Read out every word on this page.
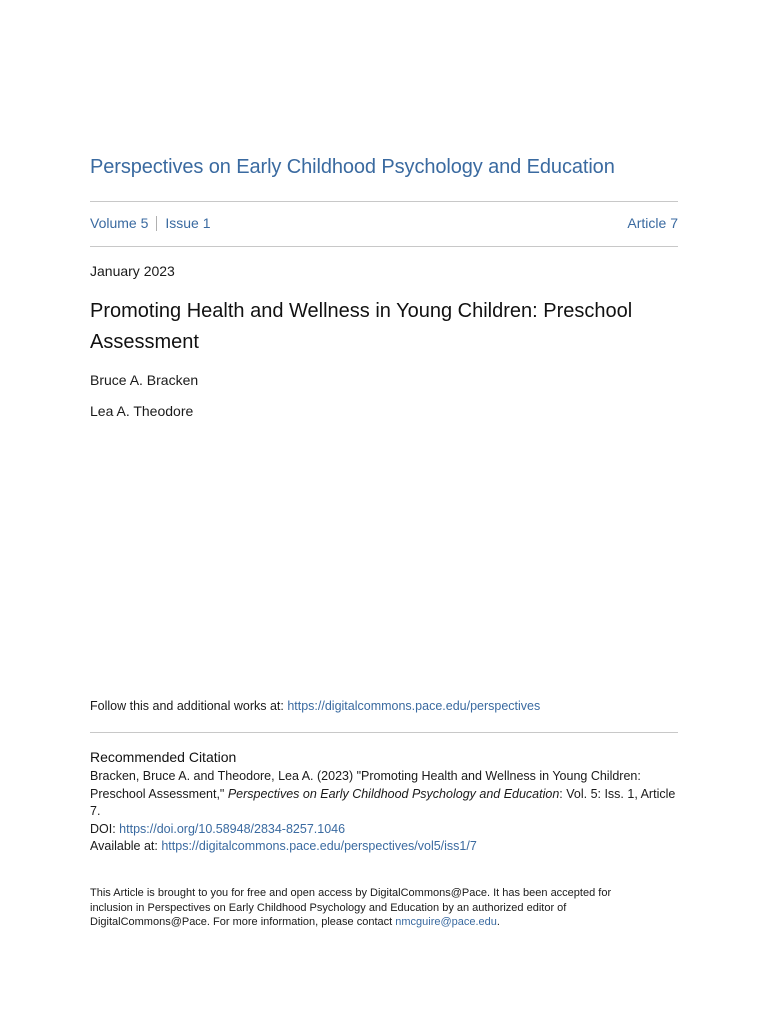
Perspectives on Early Childhood Psychology and Education
Volume 5 Issue 1	Article 7
January 2023
Promoting Health and Wellness in Young Children: Preschool Assessment
Bruce A. Bracken
Lea A. Theodore
Follow this and additional works at: https://digitalcommons.pace.edu/perspectives
Recommended Citation
Bracken, Bruce A. and Theodore, Lea A. (2023) "Promoting Health and Wellness in Young Children: Preschool Assessment," Perspectives on Early Childhood Psychology and Education: Vol. 5: Iss. 1, Article 7.
DOI: https://doi.org/10.58948/2834-8257.1046
Available at: https://digitalcommons.pace.edu/perspectives/vol5/iss1/7
This Article is brought to you for free and open access by DigitalCommons@Pace. It has been accepted for inclusion in Perspectives on Early Childhood Psychology and Education by an authorized editor of DigitalCommons@Pace. For more information, please contact nmcguire@pace.edu.
